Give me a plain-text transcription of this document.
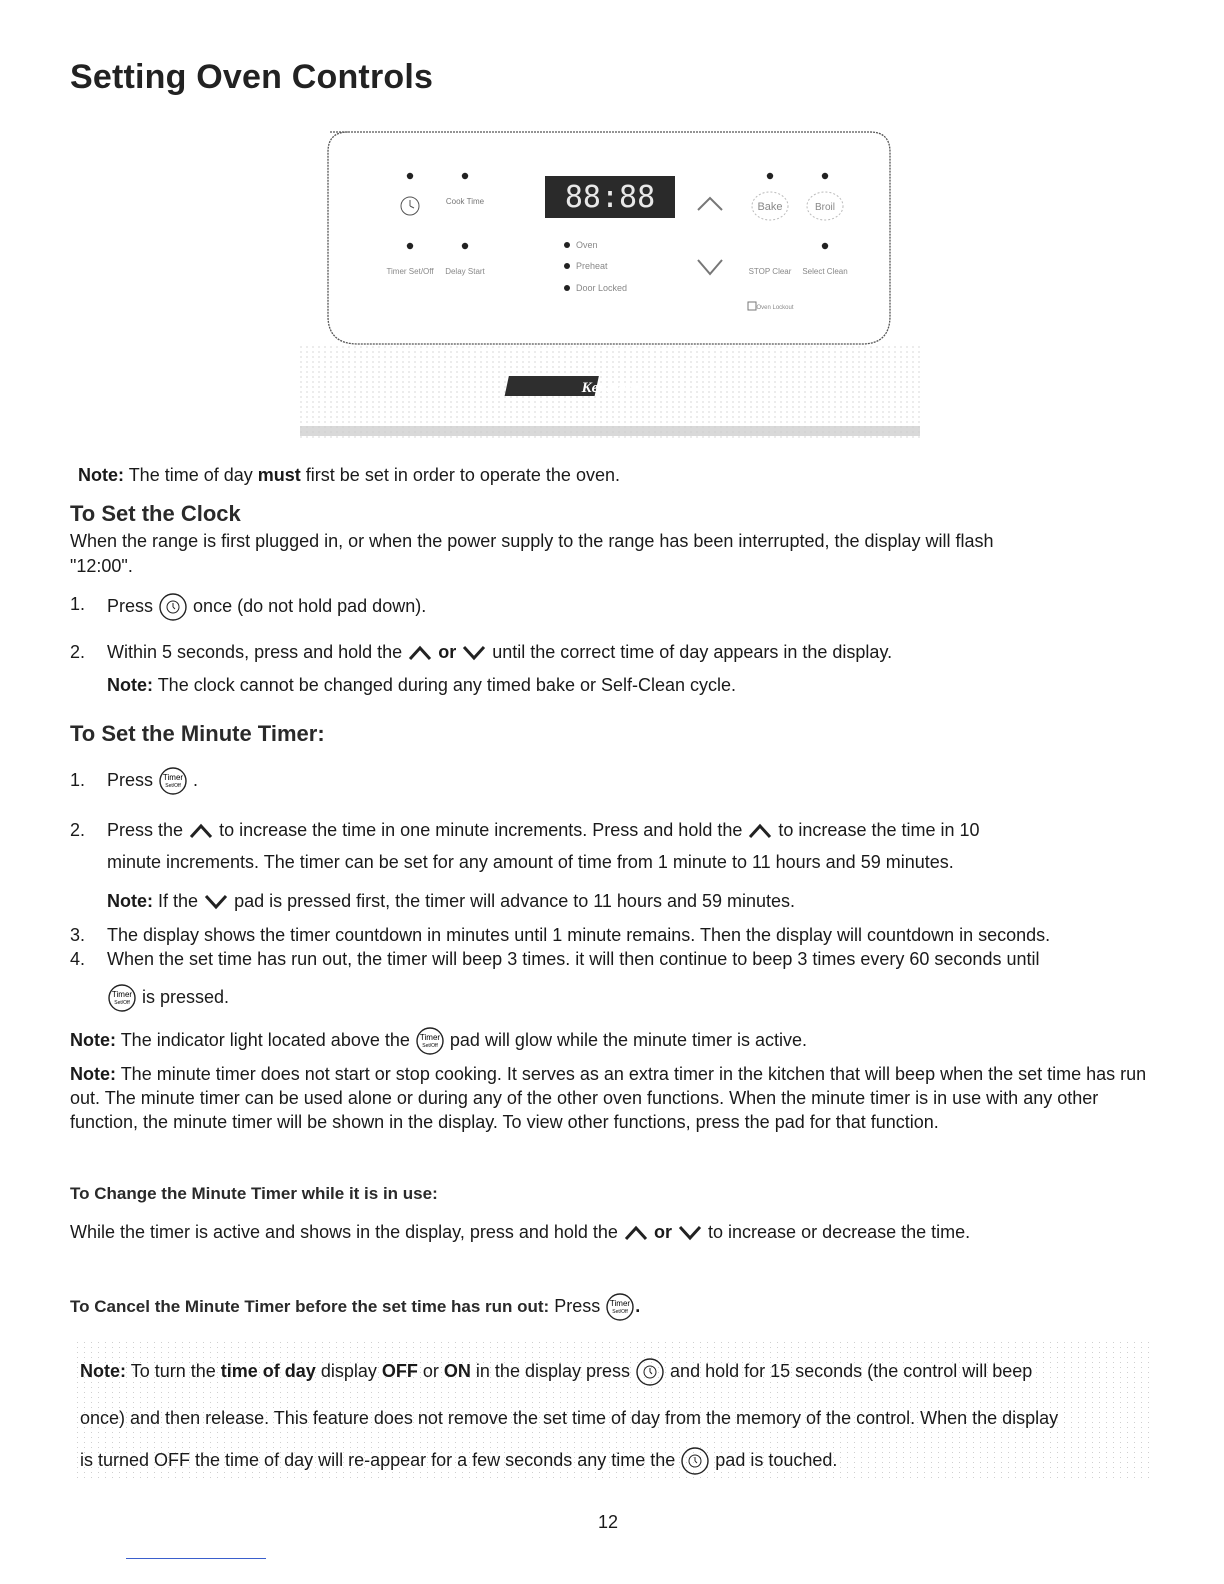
Setting Oven Controls
Cook Time	88:88	Bake	Broil
Timer Set/Off Delay Start
Oven
Preheat
Door Locked
STOP Clear Select Clean
Oven Lockout
Kenmore
Note: The time of day must first be set in order to operate the oven.
To Set the Clock
When the range is first plugged in, or when the power supply to the range has been interrupted, the display will flash
"12:00".
1. Press once (do not hold pad down).
2. Within 5 seconds, press and hold the or until the correct time of day appears in the display.
Note: The clock cannot be changed during any timed bake or Self-Clean cycle.
To Set the Minute Timer:
1. Press Timer
Set/Off .
2. Press the to increase the time in one minute increments. Press and hold the to increase the time in 10
minute increments. The timer can be set for any amount of time from 1 minute to 11 hours and 59 minutes.
Note: If the pad is pressed first, the timer will advance to 11 hours and 59 minutes.
3. The display shows the timer countdown in minutes until 1 minute remains. Then the display will countdown in seconds.
4. When the set time has run out, the timer will beep 3 times. it will then continue to beep 3 times every 60 seconds until
Timer
Set/Off is pressed.
Note: The indicator light located above the Timer
Set/Off pad will glow while the minute timer is active.
Note: The minute timer does not start or stop cooking. It serves as an extra timer in the kitchen that will beep when the set time has run out. The minute timer can be used alone or during any of the other oven functions. When the minute timer is in use with any other function, the minute timer will be shown in the display. To view other functions, press the pad for that function.
To Change the Minute Timer while it is in use:
While the timer is active and shows in the display, press and hold the or to increase or decrease the time.
To Cancel the Minute Timer before the set time has run out: Press Timer
Set/Off .
Note: To turn the time of day display OFF or ON in the display press and hold for 15 seconds (the control will beep
once) and then release. This feature does not remove the set time of day from the memory of the control. When the display
is turned OFF the time of day will re-appear for a few seconds any time the pad is touched.
12
